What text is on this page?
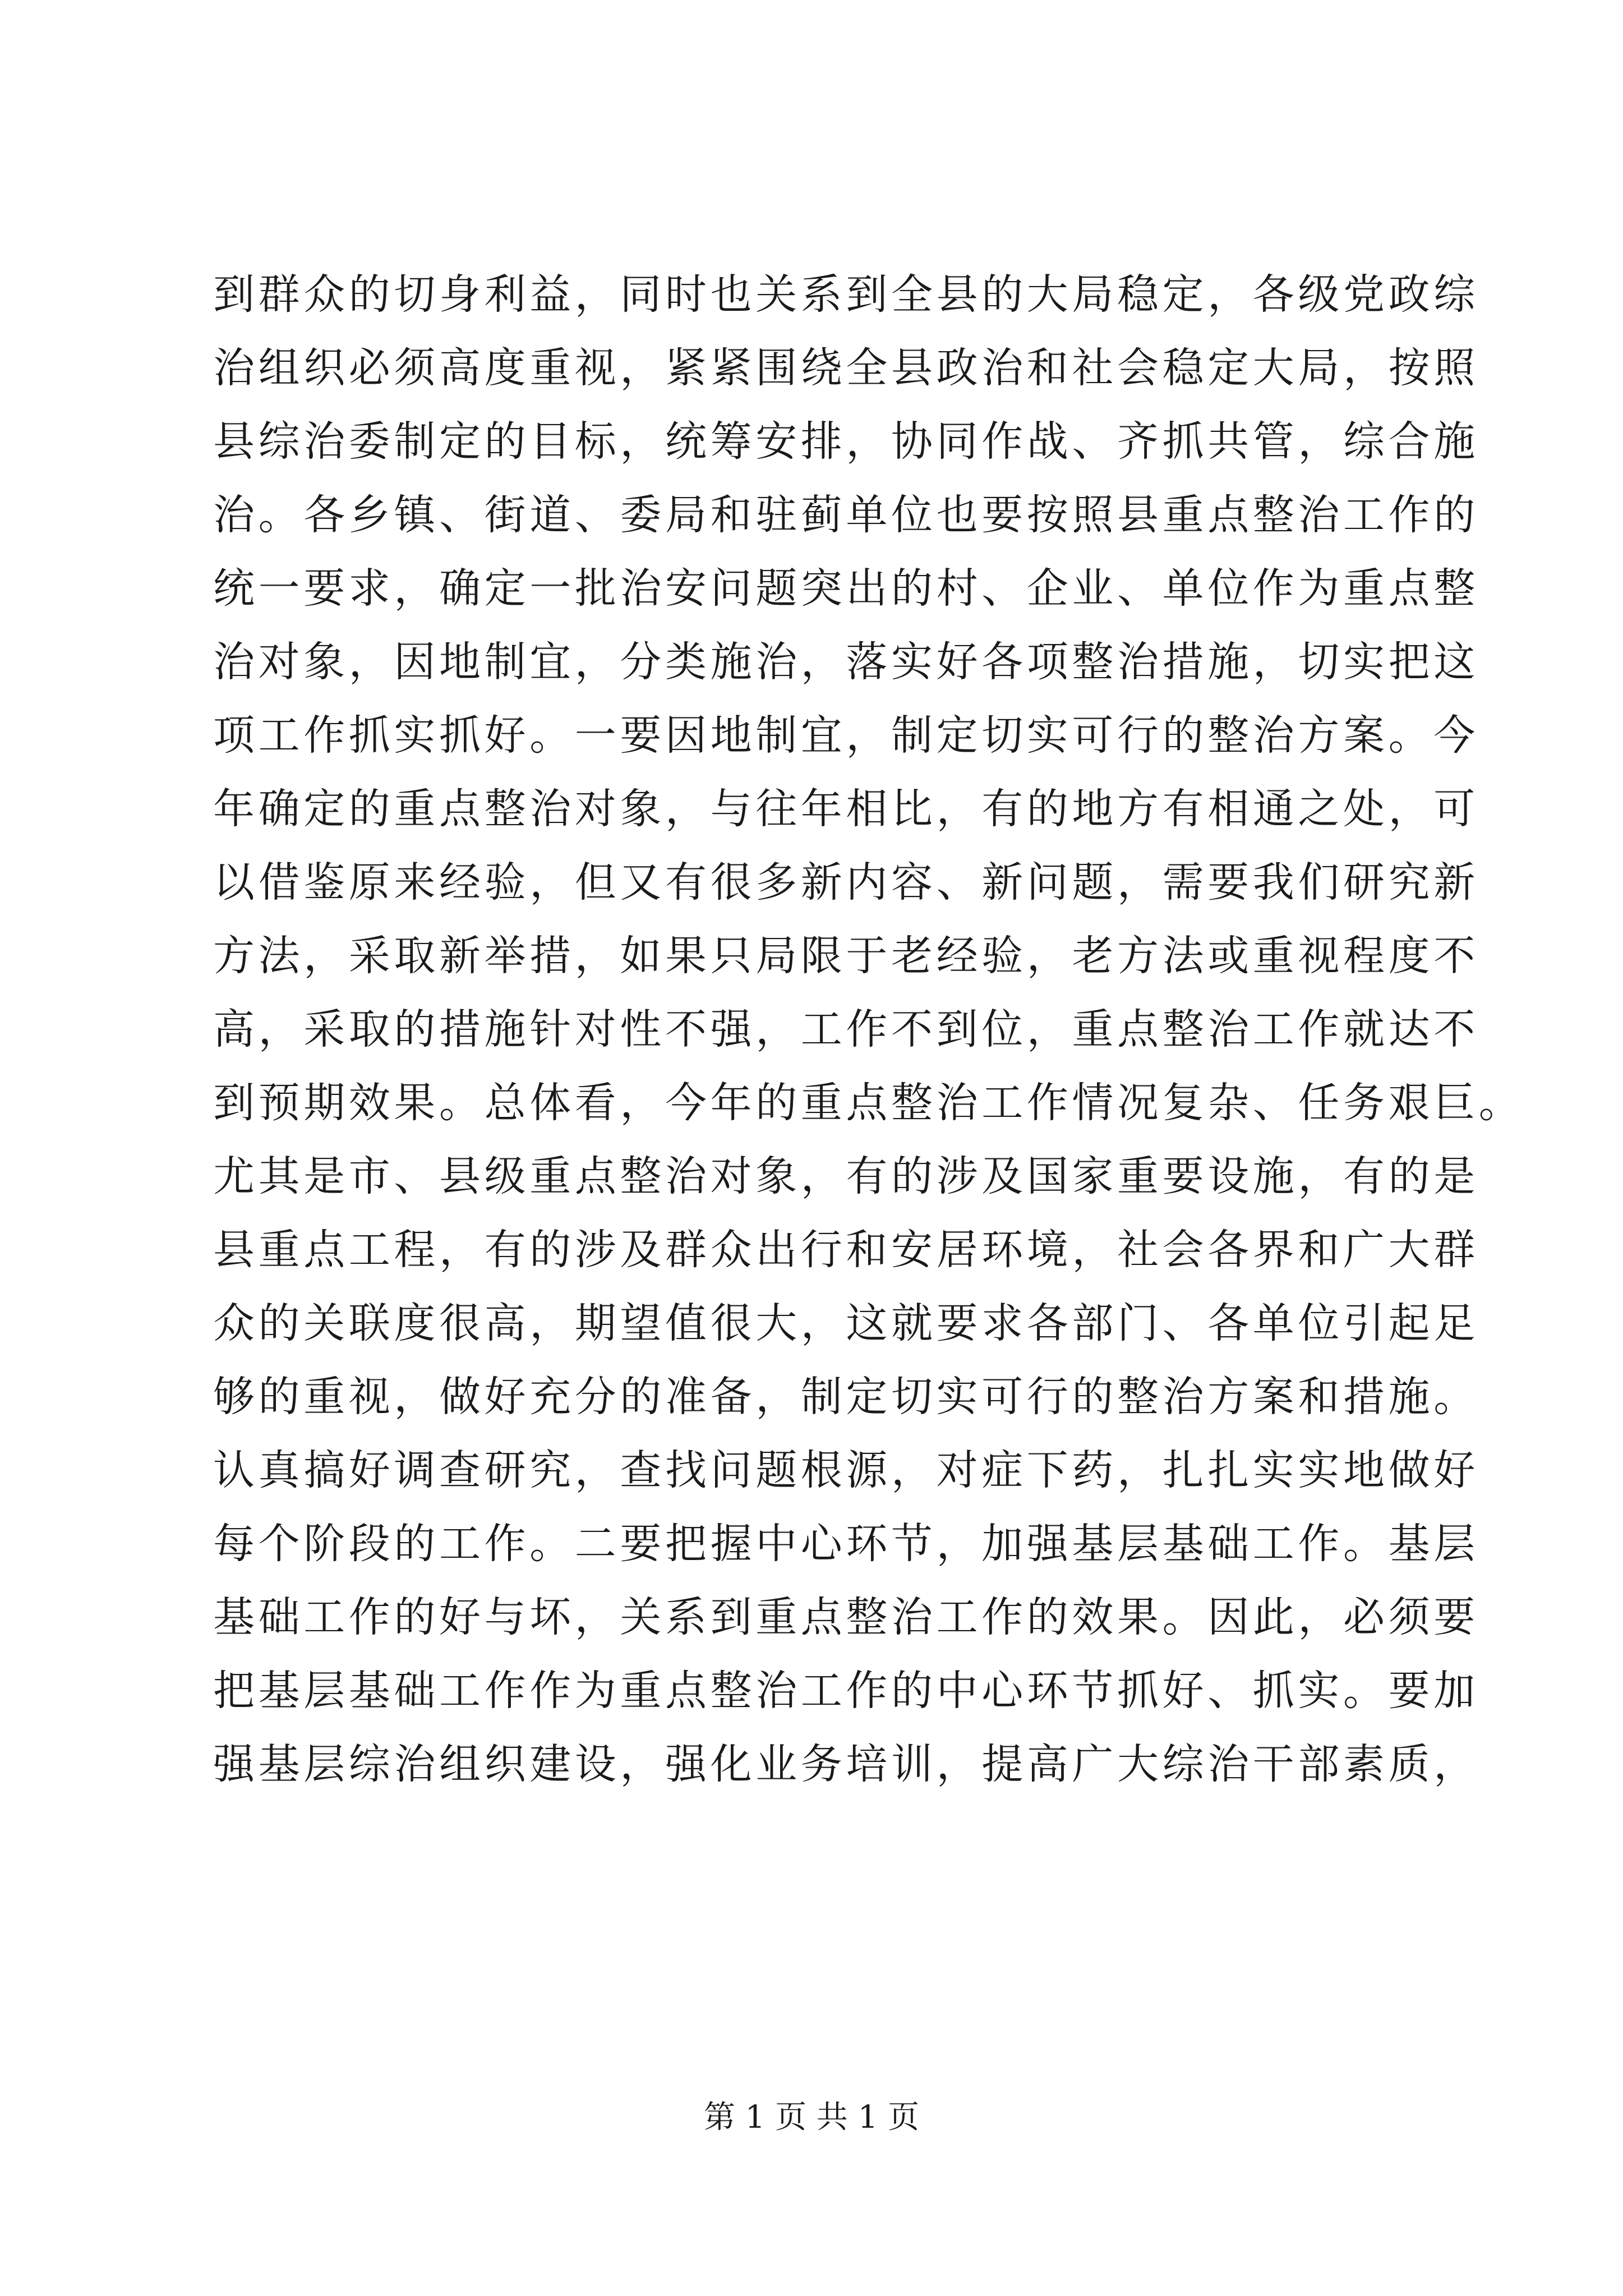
到群众的切身利益，同时也关系到全县的大局稳定，各级党政综
治组织必须高度重视，紧紧围绕全县政治和社会稳定大局，按照
县综治委制定的目标，统筹安排，协同作战、齐抓共管，综合施
治。各乡镇、街道、委局和驻蓟单位也要按照县重点整治工作的
统一要求，确定一批治安问题突出的村、企业、单位作为重点整
治对象，因地制宜，分类施治，落实好各项整治措施，切实把这
项工作抓实抓好。一要因地制宜，制定切实可行的整治方案。今
年确定的重点整治对象，与往年相比，有的地方有相通之处，可
以借鉴原来经验，但又有很多新内容、新问题，需要我们研究新
方法，采取新举措，如果只局限于老经验，老方法或重视程度不
高，采取的措施针对性不强，工作不到位，重点整治工作就达不
到预期效果。总体看，今年的重点整治工作情况复杂、任务艰巨。
尤其是市、县级重点整治对象，有的涉及国家重要设施，有的是
县重点工程，有的涉及群众出行和安居环境，社会各界和广大群
众的关联度很高，期望值很大，这就要求各部门、各单位引起足
够的重视，做好充分的准备，制定切实可行的整治方案和措施。
认真搞好调查研究，查找问题根源，对症下药，扎扎实实地做好
每个阶段的工作。二要把握中心环节，加强基层基础工作。基层
基础工作的好与坏，关系到重点整治工作的效果。因此，必须要
把基层基础工作作为重点整治工作的中心环节抓好、抓实。要加
强基层综治组织建设，强化业务培训，提高广大综治干部素质，
第 1 页 共 1 页
